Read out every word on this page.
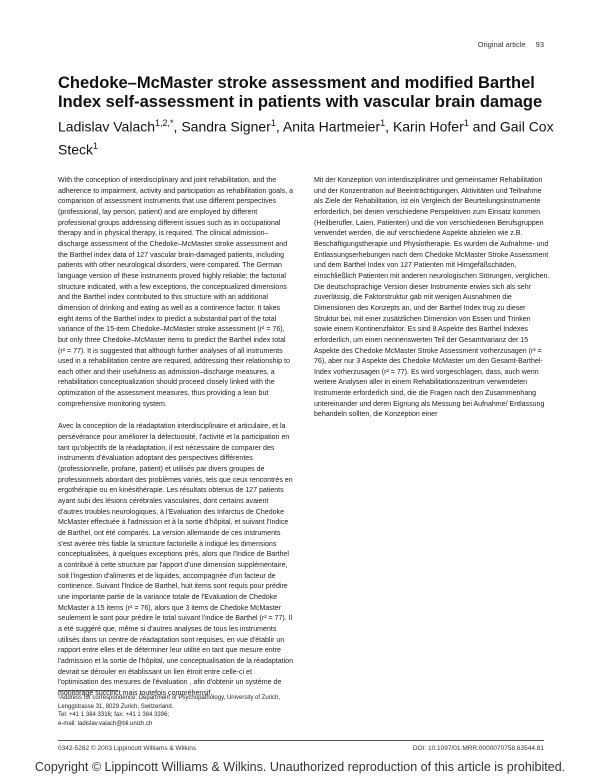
Original article 93
Chedoke–McMaster stroke assessment and modified Barthel Index self-assessment in patients with vascular brain damage

Ladislav Valach$^{1,2,*}$, Sandra Signer$^1$, Anita Hartmeier$^1$, Karin Hofer$^1$ and Gail Cox Steck$^1$

With the conception of interdisciplinary and joint rehabilitation, and the adherence to impairment, activity and participation as rehabilitation goals, a comparison of assessment instruments that use different perspectives (professional, lay person, patient) and are employed by different professional groups addressing different issues such as in occupational therapy and in physical therapy, is required. The clinical admission–discharge assessment of the Chedoke–McMaster stroke assessment and the Barthel index data of 127 vascular brain-damaged patients, including patients with other neurological disorders, were compared. The German language version of these instruments proved highly reliable; the factorial structure indicated, with a few exceptions, the conceptualized dimensions and the Barthel index contributed to this structure with an additional dimension of drinking and eating as well as a continence factor. It takes eight items of the Barthel index to predict a substantial part of the total variance of the 15-item Chedoke–McMaster stroke assessment (r² = 76), but only three Chedoke–McMaster items to predict the Barthel index total (r² = 77). It is suggested that although further analyses of all instruments used in a rehabilitation centre are required, addressing their relationship to each other and their usefulness as admission–discharge measures, a rehabilitation conceptualization should proceed closely linked with the optimization of the assessment measures, thus providing a lean but comprehensive monitoring system.

Avec la conception de la réadaptation interdisciplinaire et articulaire, et la persévérance pour améliorer la défectuosité, l'activité et la participation en tant qu'objectifs de la réadaptation, il est nécessaire de comparer des instruments d'évaluation adoptant des perspectives différentes (professionnelle, profane, patient) et utilisés par divers groupes de professionnels abordant des problèmes variés, tels que ceux rencontrés en ergothérapie ou en kinésithérapie. Les résultats obtenus de 127 patients ayant subi des lésions cérébrales vasculaires, dont certains avaient d'autres troubles neurologiques, à l'Evaluation des Infarctus de Chedoke McMaster effectuée à l'admission et à la sortie d'hôpital, et suivant l'Indice de Barthel, ont été comparés. La version allemande de ces instruments s'est avérée très fiable la structure factorielle à indiqué les dimensions conceptualisées, à quelques exceptions près, alors que l'Indice de Barthel a contribué à cette structure par l'apport d'une dimension supplémentaire, soit l'ingestion d'aliments et de liquides, accompagnée d'un facteur de continence. Suivant l'Indice de Barthel, huit items sont requis pour prédire une importante partie de la variance totale de l'Evaluation de Chedoke McMaster à 15 items (r² = 76), alors que 3 items de Chedoke McMaster seulement le sont pour prédire le total suivant l'indice de Barthel (r² = 77). Il a été suggéré que, même si d'autres analyses de tous les instruments utilisés dans un centre de réadaptation sont requises, en vue d'établir un rapport entre elles et de déterminer leur utilité en tant que mesure entre l'admission et la sortie de l'hôpital, une conceptualisation de la réadaptation devrait se dérouler en établissant un lien étroit entre celle-ci et l'optimisation des mesures de l'évaluation , afin d'obtenir un système de monitorage succinct mais toutefois compréhensif.

Mit der Konzeption von interdisziplinärer und gemeinsamer Rehabilitation und der Konzentration auf Beeinträchtigungen, Aktivitäten und Teilnahme als Ziele der Rehabilitation, ist ein Vergleich der Beurteilungsinstrumente erforderlich, bei denen verschiedene Perspektiven zum Einsatz kommen (Heilberufler, Laien, Patienten) und die von verschiedenen Berufsgruppen verwendet werden, die auf verschiedene Aspekte abzielen wie z.B. Beschäftigungstherapie und Physiotherapie. Es wurden die Aufnahme- und Entlassungserhebungen nach dem Chedoke McMaster Stroke Assessment und dem Barthel Index von 127 Patienten mit Hirngefäßschäden, einschließlich Patienten mit anderen neurologischen Störungen, verglichen. Die deutschsprachige Version dieser Instrumente erwies sich als sehr zuverlässig, die Faktorstruktur gab mit wenigen Ausnahmen die Dimensionen des Konzepts an, und der Barthel Index trug zu dieser Struktur bei, mit einer zusätzlichen Dimension von Essen und Trinken sowie einem Kontinenzfaktor. Es sind 8 Aspekte des Barthel Indexes erforderlich, um einen nennenswerten Teil der Gesamtvarianz der 15 Aspekte des Chedoke McMaster Stroke Assessment vorherzusagen (r² = 76), aber nur 3 Aspekte des Chedoke McMaster um den Gesamt-Barthel-Index vorherzusagen (r² = 77). Es wird vorgeschlagen, dass, auch wenn weitere Analysen aller in einem Rehabilitationszentrum verwendeten Instrumente erforderlich sind, die die Fragen nach den Zusammenhang untereinander und deren Eignung als Messung bei Aufnahme/ Entlassung behandeln sollten, die Konzeption einer

¹Address for correspondence: Department of Psychopathology, University of Zurich, Lenggstrasse 31, 8029 Zurich, Switzerland.
Tel: +41 1 384 3316; fax: +41 1 384 3396;
e-mail: ladislav.valach@bli.unizh.ch
0342-5282 © 2003 Lippincott Williams & Wilkins	DOI: 10.1097/01.MRR.0000070758.63544.81
Copyright © Lippincott Williams & Wilkins. Unauthorized reproduction of this article is prohibited.
